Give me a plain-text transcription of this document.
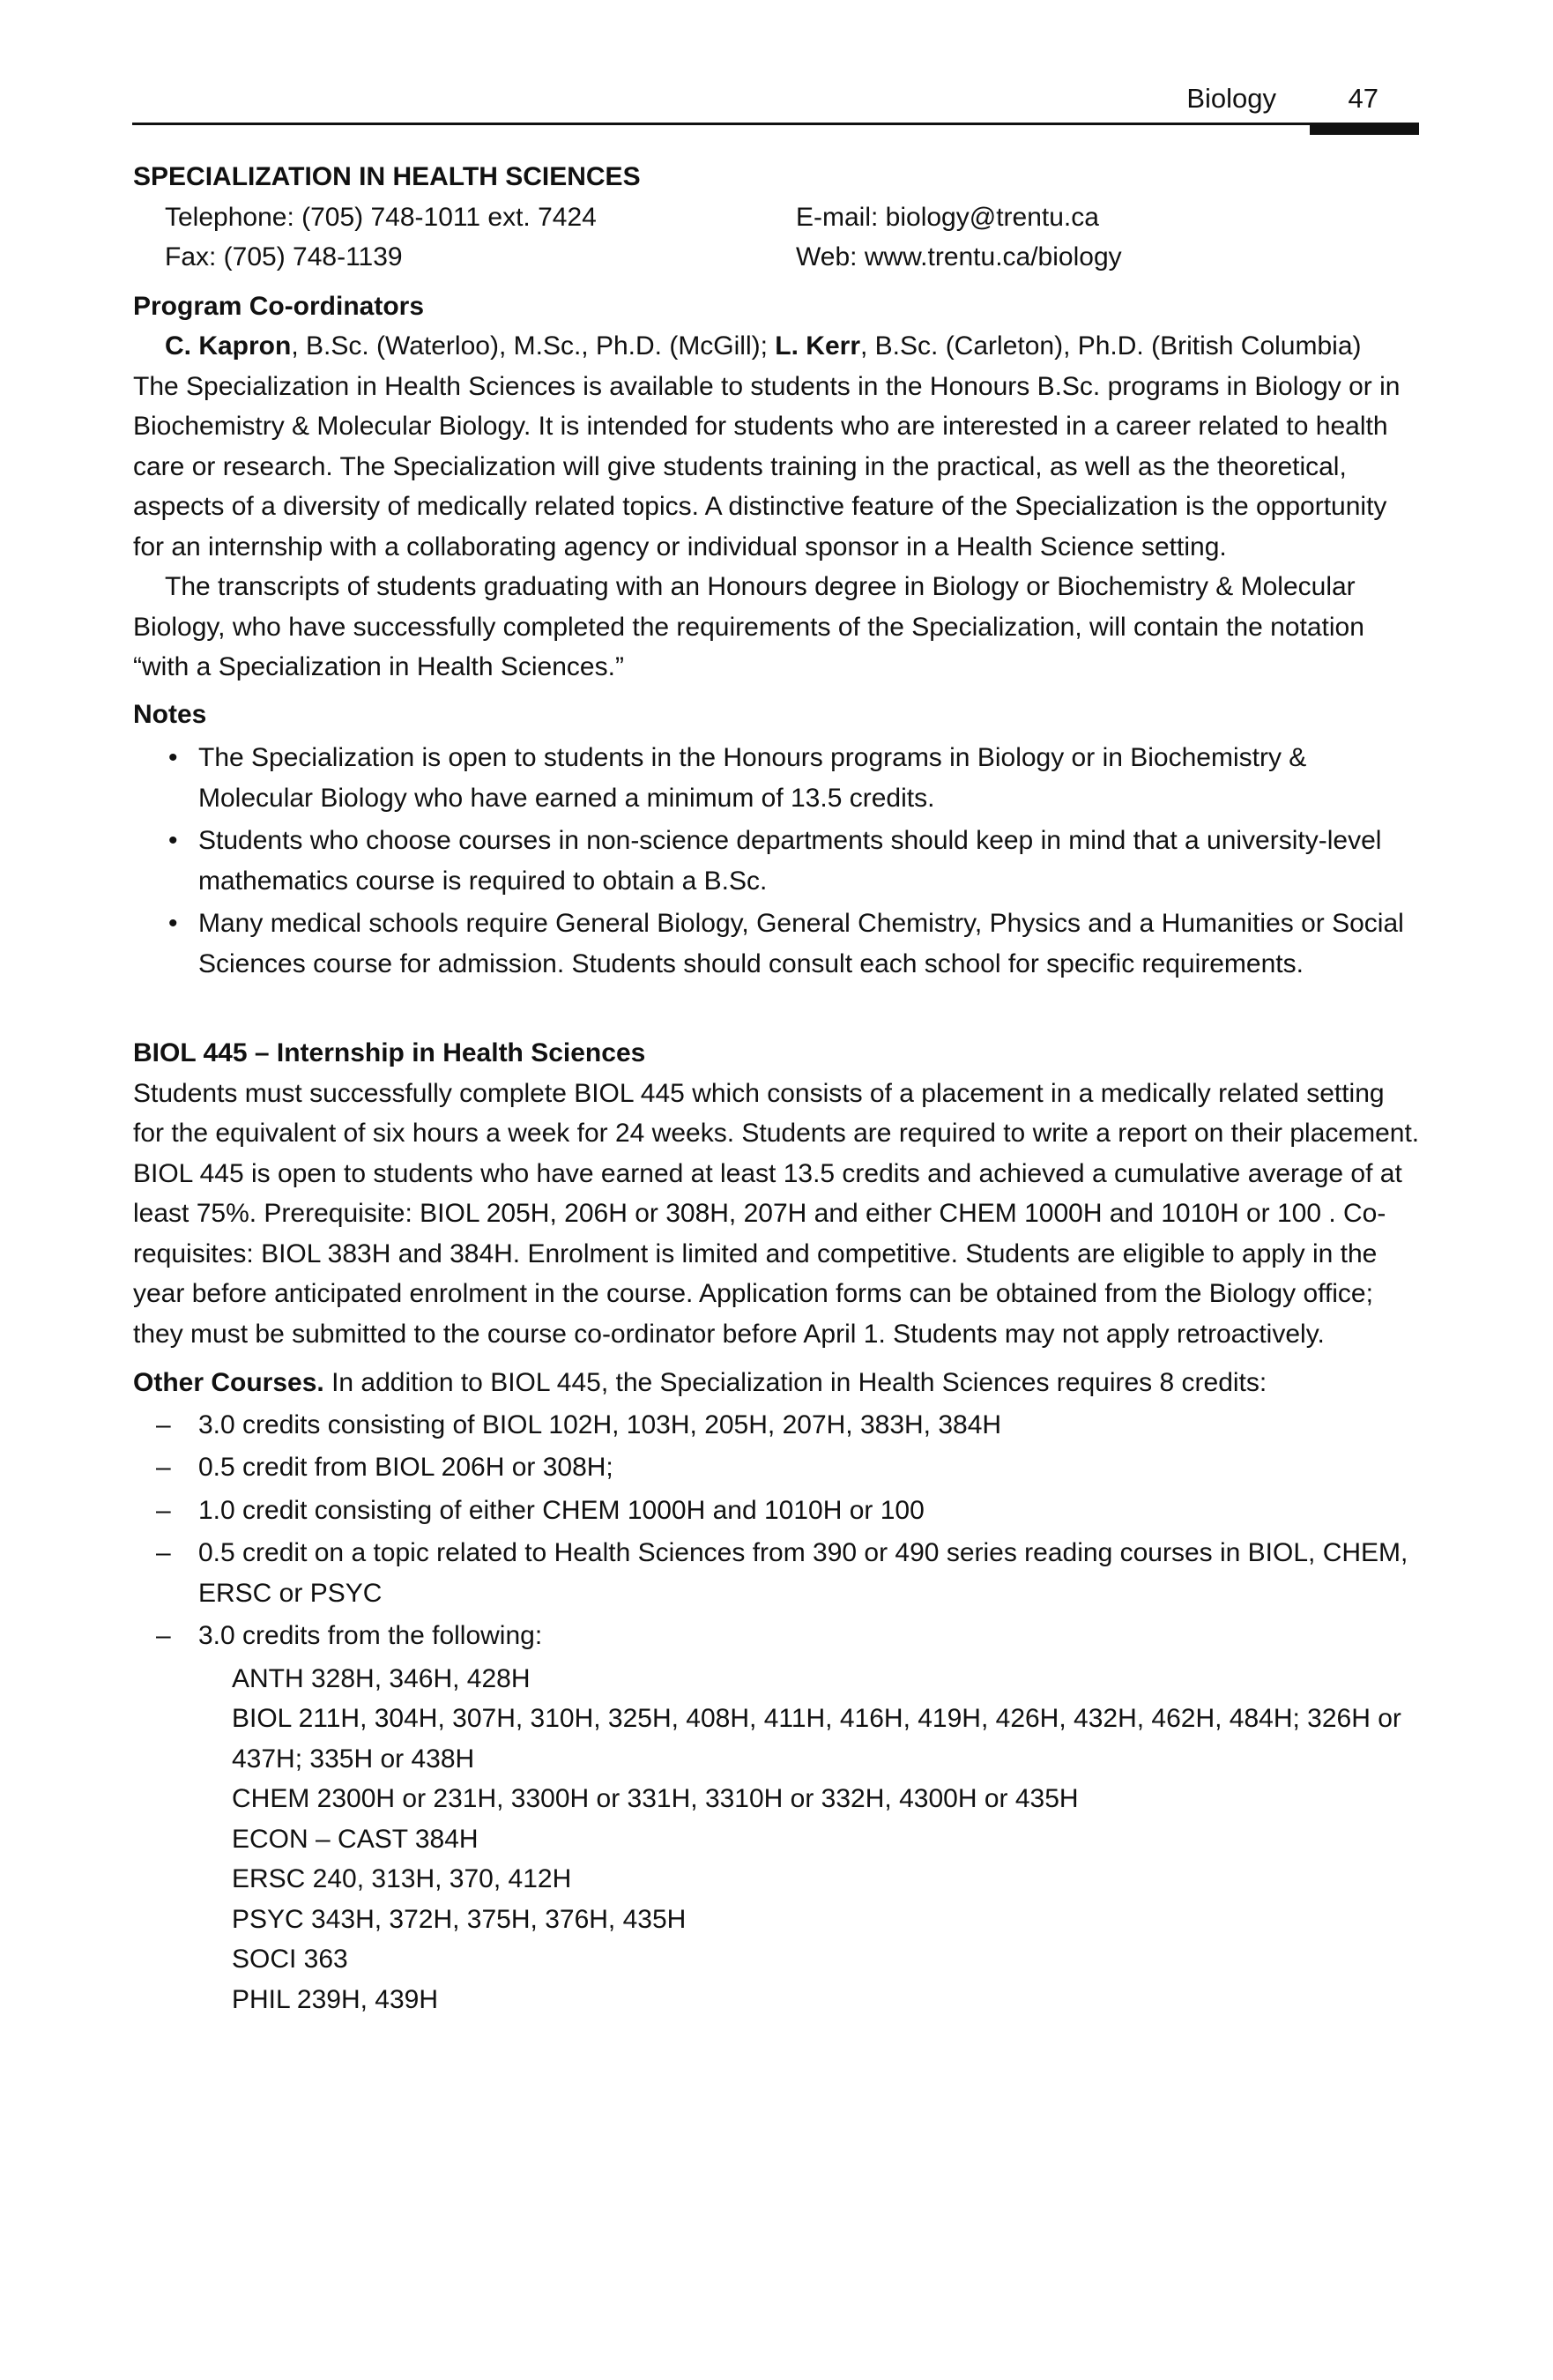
Biology	47

SPECIALIZATION IN HEALTH SCIENCES

Telephone: (705) 748-1011 ext. 7424	E-mail: biology@trentu.ca
Fax: (705) 748-1139	Web: www.trentu.ca/biology

Program Co-ordinators

C. Kapron, B.Sc. (Waterloo), M.Sc., Ph.D. (McGill); L. Kerr, B.Sc. (Carleton), Ph.D. (British Columbia)

The Specialization in Health Sciences is available to students in the Honours B.Sc. programs in Biology or in Biochemistry & Molecular Biology. It is intended for students who are interested in a career related to health care or research. The Specialization will give students training in the practical, as well as the theoretical, aspects of a diversity of medically related topics. A distinctive feature of the Specialization is the opportunity for an internship with a collaborating agency or individual sponsor in a Health Science setting.

The transcripts of students graduating with an Honours degree in Biology or Biochemistry & Molecular Biology, who have successfully completed the requirements of the Specialization, will contain the notation “with a Specialization in Health Sciences.”

Notes

• The Specialization is open to students in the Honours programs in Biology or in Biochemistry & Molecular Biology who have earned a minimum of 13.5 credits.
• Students who choose courses in non-science departments should keep in mind that a university-level mathematics course is required to obtain a B.Sc.
• Many medical schools require General Biology, General Chemistry, Physics and a Humanities or Social Sciences course for admission. Students should consult each school for specific requirements.

BIOL 445 – Internship in Health Sciences

Students must successfully complete BIOL 445 which consists of a placement in a medically related setting for the equivalent of six hours a week for 24 weeks. Students are required to write a report on their placement. BIOL 445 is open to students who have earned at least 13.5 credits and achieved a cumulative average of at least 75%. Prerequisite: BIOL 205H, 206H or 308H, 207H and either CHEM 1000H and 1010H or 100 . Co-requisites: BIOL 383H and 384H. Enrolment is limited and competitive. Students are eligible to apply in the year before anticipated enrolment in the course. Application forms can be obtained from the Biology office; they must be submitted to the course co-ordinator before April 1. Students may not apply retroactively.

Other Courses. In addition to BIOL 445, the Specialization in Health Sciences requires 8 credits:

– 3.0 credits consisting of BIOL 102H, 103H, 205H, 207H, 383H, 384H
– 0.5 credit from BIOL 206H or 308H;
– 1.0 credit consisting of either CHEM 1000H and 1010H or 100
– 0.5 credit on a topic related to Health Sciences from 390 or 490 series reading courses in BIOL, CHEM, ERSC or PSYC
– 3.0 credits from the following:
ANTH 328H, 346H, 428H
BIOL 211H, 304H, 307H, 310H, 325H, 408H, 411H, 416H, 419H, 426H, 432H, 462H, 484H; 326H or 437H; 335H or 438H
CHEM 2300H or 231H, 3300H or 331H, 3310H or 332H, 4300H or 435H
ECON – CAST 384H
ERSC 240, 313H, 370, 412H
PSYC 343H, 372H, 375H, 376H, 435H
SOCI 363
PHIL 239H, 439H
